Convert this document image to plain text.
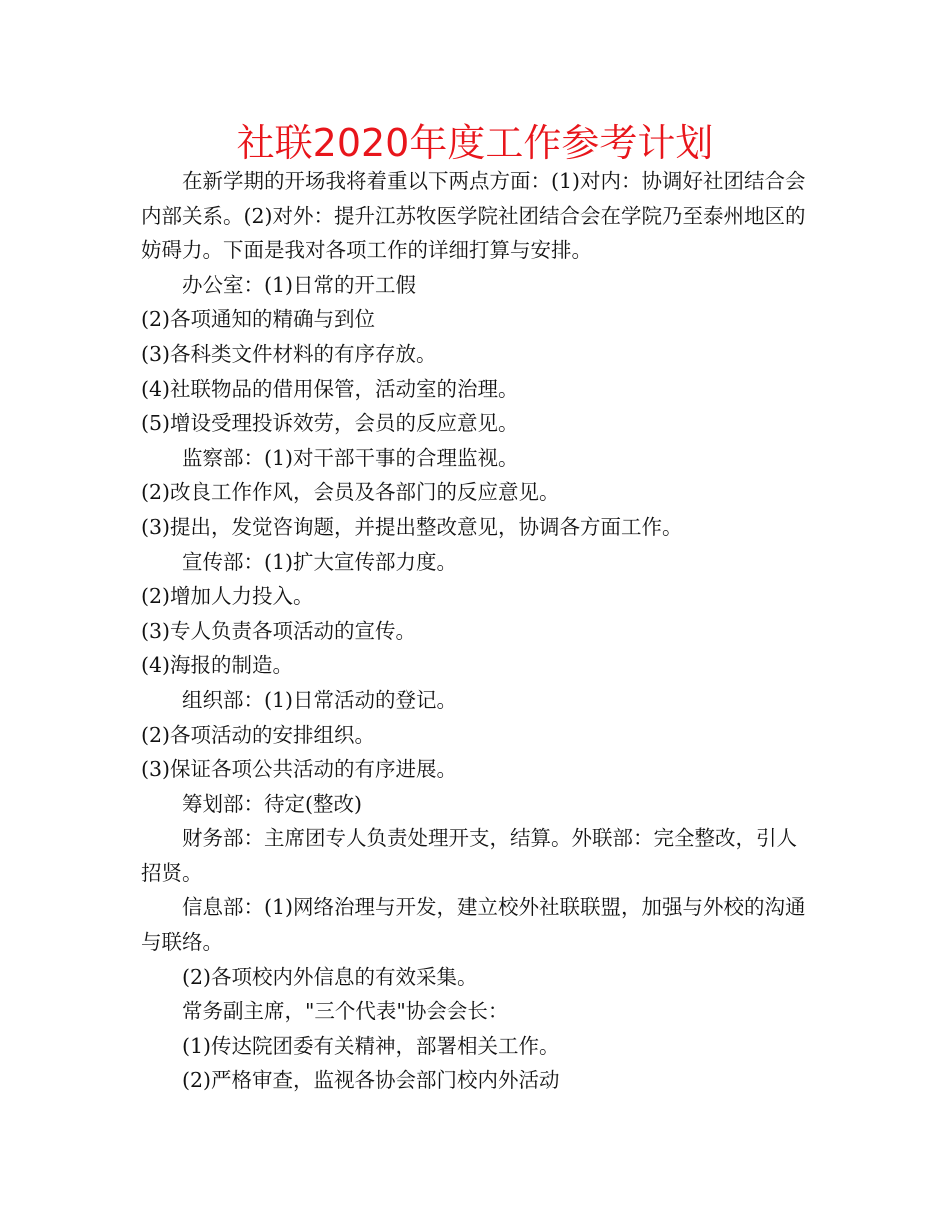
社联2020年度工作参考计划

在新学期的开场我将着重以下两点方面：(1)对内：协调好社团结合会内部关系。(2)对外：提升江苏牧医学院社团结合会在学院乃至泰州地区的妨碍力。下面是我对各项工作的详细打算与安排。

办公室：(1)日常的开工假

(2)各项通知的精确与到位

(3)各科类文件材料的有序存放。

(4)社联物品的借用保管，活动室的治理。

(5)增设受理投诉效劳，会员的反应意见。

监察部：(1)对干部干事的合理监视。

(2)改良工作作风，会员及各部门的反应意见。

(3)提出，发觉咨询题，并提出整改意见，协调各方面工作。

宣传部：(1)扩大宣传部力度。

(2)增加人力投入。

(3)专人负责各项活动的宣传。

(4)海报的制造。

组织部：(1)日常活动的登记。

(2)各项活动的安排组织。

(3)保证各项公共活动的有序进展。

筹划部：待定(整改)

财务部：主席团专人负责处理开支，结算。外联部：完全整改，引人招贤。

信息部：(1)网络治理与开发，建立校外社联联盟，加强与外校的沟通与联络。

(2)各项校内外信息的有效采集。

常务副主席，"三个代表"协会会长：

(1)传达院团委有关精神，部署相关工作。

(2)严格审查，监视各协会部门校内外活动
